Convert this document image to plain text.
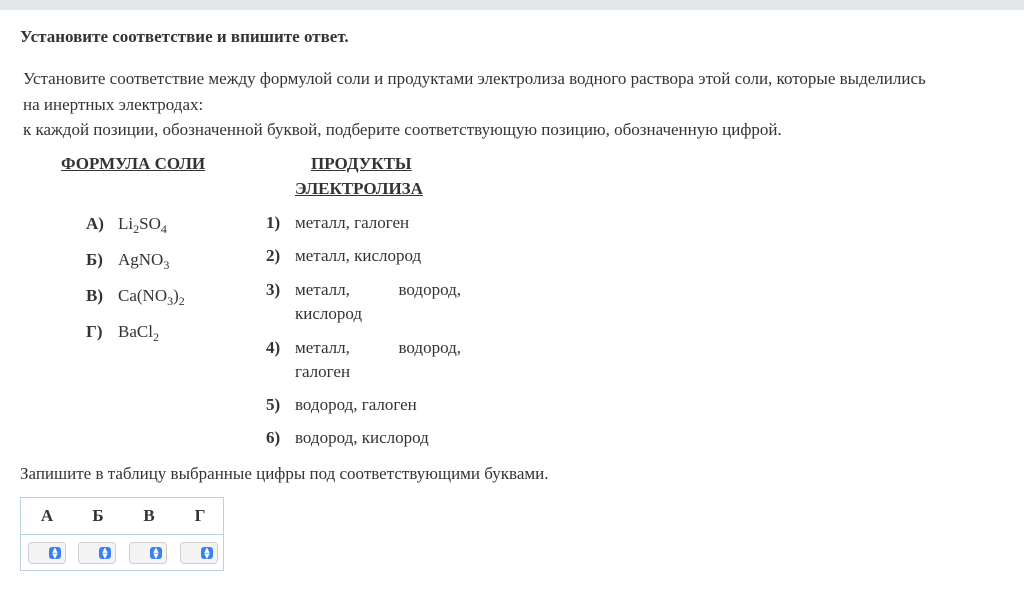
Установите соответствие и впишите ответ.
Установите соответствие между формулой соли и продуктами электролиза водного раствора этой соли, которые выделились
на инертных электродах:
к каждой позиции, обозначенной буквой, подберите соответствующую позицию, обозначенную цифрой.
ФОРМУЛА СОЛИ	ПРОДУКТЫ
ЭЛЕКТРОЛИЗА
А) $Li_2SO_4$
Б) AgNO$_3$
В) $Ca(NO_3)_2$
Г) BaCl$_2$
1) металл, галоген
2) металл, кислород
3) металл,	водород,
кислород
4) металл,	водород,
галоген
5) водород, галоген
6) водород, кислород
Запишите в таблицу выбранные цифры под соответствующими буквами.
А	Б	В	Г
▲
▼
▲
▼
▲
▼
▲
▼
